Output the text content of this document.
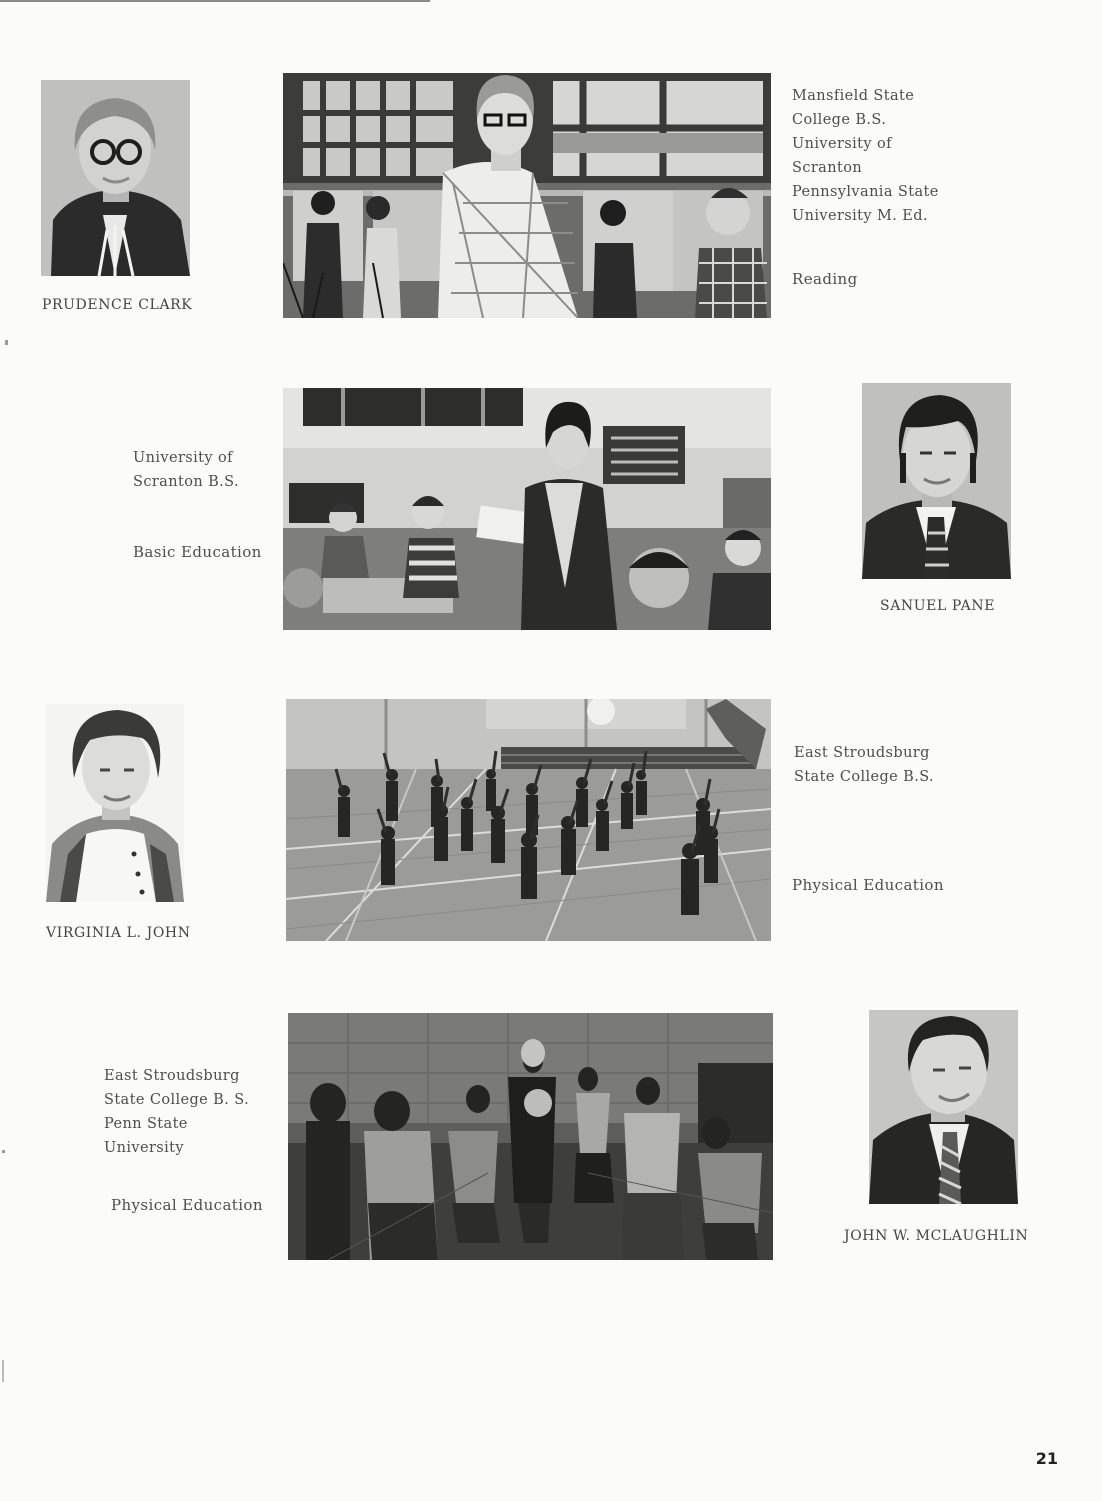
PRUDENCE CLARK
Mansfield State
College B.S.
University of
Scranton
Pennsylvania State
University M. Ed.
Reading
University of
Scranton B.S.
Basic Education
SANUEL PANE
VIRGINIA L. JOHN
East Stroudsburg
State College B.S.
Physical Education
East Stroudsburg
State College B. S.
Penn State
University
Physical Education
JOHN W. MCLAUGHLIN
21
